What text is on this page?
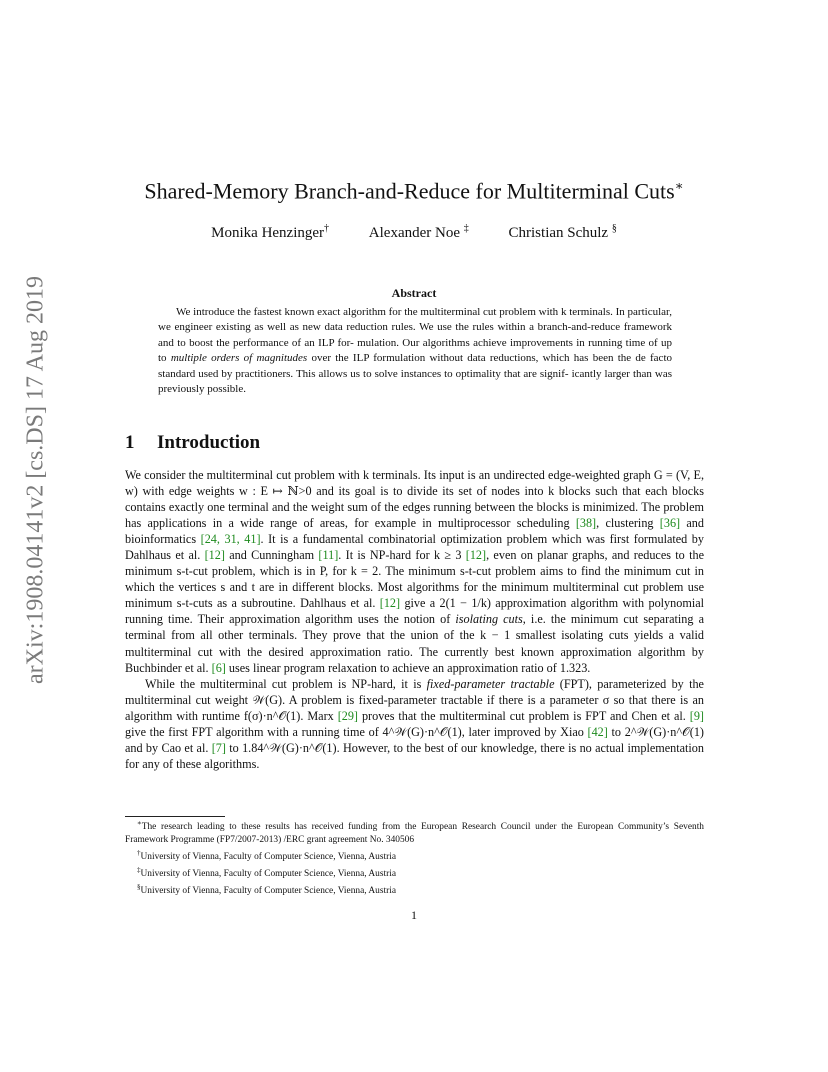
arXiv:1908.04141v2 [cs.DS] 17 Aug 2019
Shared-Memory Branch-and-Reduce for Multiterminal Cuts∗
Monika Henzinger†	Alexander Noe ‡	Christian Schulz §
Abstract

We introduce the fastest known exact algorithm for the multiterminal cut problem with k terminals. In particular, we engineer existing as well as new data reduction rules. We use the rules within a branch-and-reduce framework and to boost the performance of an ILP for- mulation. Our algorithms achieve improvements in running time of up to multiple orders of magnitudes over the ILP formulation without data reductions, which has been the de facto standard used by practitioners. This allows us to solve instances to optimality that are signif- icantly larger than was previously possible.

1 Introduction

We consider the multiterminal cut problem with k terminals. Its input is an undirected edge-weighted graph G = (V, E, w) with edge weights w : E ↦ ℕ>0 and its goal is to divide its set of nodes into k blocks such that each blocks contains exactly one terminal and the weight sum of the edges running between the blocks is minimized. The problem has applications in a wide range of areas, for example in multiprocessor scheduling [38], clustering [36] and bioinformatics [24, 31, 41]. It is a fundamental combinatorial optimization problem which was first formulated by Dahlhaus et al. [12] and Cunningham [11]. It is NP-hard for k ≥ 3 [12], even on planar graphs, and reduces to the minimum s-t-cut problem, which is in P, for k = 2. The minimum s-t-cut problem aims to find the minimum cut in which the vertices s and t are in different blocks. Most algorithms for the minimum multiterminal cut problem use minimum s-t-cuts as a subroutine. Dahlhaus et al. [12] give a 2(1 − 1/k) approximation algorithm with polynomial running time. Their approximation algorithm uses the notion of isolating cuts, i.e. the minimum cut separating a terminal from all other terminals. They prove that the union of the k − 1 smallest isolating cuts yields a valid multiterminal cut with the desired approximation ratio. The currently best known approximation algorithm by Buchbinder et al. [6] uses linear program relaxation to achieve an approximation ratio of 1.323.

While the multiterminal cut problem is NP-hard, it is fixed-parameter tractable (FPT), parameterized by the multiterminal cut weight 𝒲(G). A problem is fixed-parameter tractable if there is a parameter σ so that there is an algorithm with runtime f(σ)·n^𝒪(1). Marx [29] proves that the multiterminal cut problem is FPT and Chen et al. [9] give the first FPT algorithm with a running time of 4^𝒲(G)·n^𝒪(1), later improved by Xiao [42] to 2^𝒲(G)·n^𝒪(1) and by Cao et al. [7] to 1.84^𝒲(G)·n^𝒪(1). However, to the best of our knowledge, there is no actual implementation for any of these algorithms.

∗The research leading to these results has received funding from the European Research Council under the European Community’s Seventh Framework Programme (FP7/2007-2013) /ERC grant agreement No. 340506

†University of Vienna, Faculty of Computer Science, Vienna, Austria

‡University of Vienna, Faculty of Computer Science, Vienna, Austria

§University of Vienna, Faculty of Computer Science, Vienna, Austria

1
